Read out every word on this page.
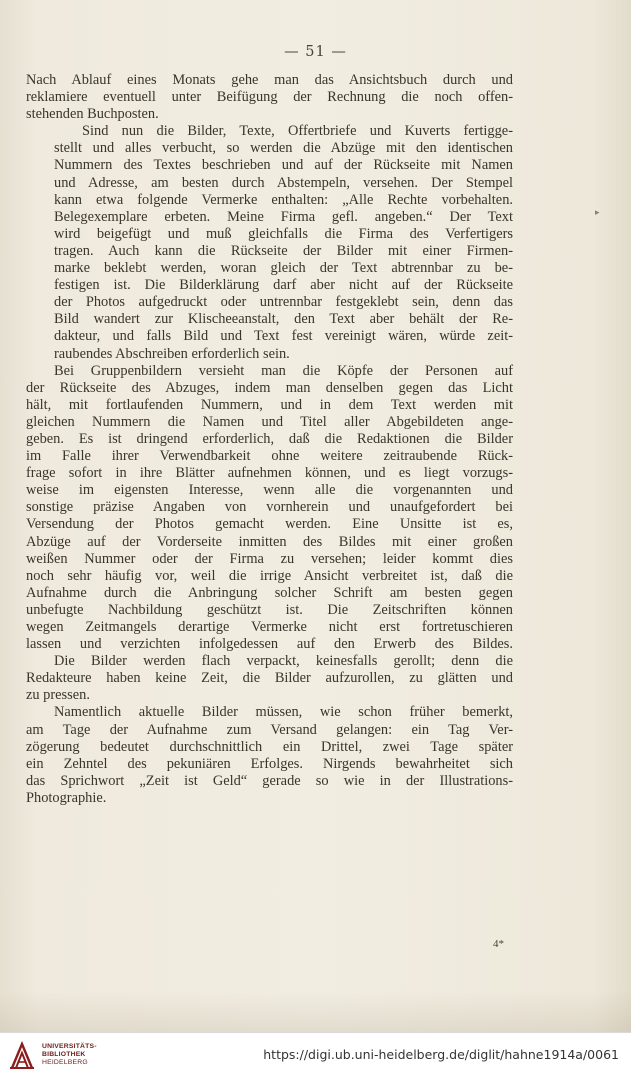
— 51 —
▸

Nach Ablauf eines Monats gehe man das Ansichtsbuch durch und
reklamiere eventuell unter Beifügung der Rechnung die noch offen-
stehenden Buchposten.

Sind nun die Bilder, Texte, Offertbriefe und Kuverts fertigge-
stellt und alles verbucht, so werden die Abzüge mit den identischen
Nummern des Textes beschrieben und auf der Rückseite mit Namen
und Adresse, am besten durch Abstempeln, versehen. Der Stempel
kann etwa folgende Vermerke enthalten: „Alle Rechte vorbehalten.
Belegexemplare erbeten. Meine Firma gefl. angeben.“ Der Text
wird beigefügt und muß gleichfalls die Firma des Verfertigers
tragen. Auch kann die Rückseite der Bilder mit einer Firmen-
marke beklebt werden, woran gleich der Text abtrennbar zu be-
festigen ist. Die Bilderklärung darf aber nicht auf der Rückseite
der Photos aufgedruckt oder untrennbar festgeklebt sein, denn das
Bild wandert zur Klischeeanstalt, den Text aber behält der Re-
dakteur, und falls Bild und Text fest vereinigt wären, würde zeit-
raubendes Abschreiben erforderlich sein.

Bei Gruppenbildern versieht man die Köpfe der Personen auf
der Rückseite des Abzuges, indem man denselben gegen das Licht
hält, mit fortlaufenden Nummern, und in dem Text werden mit
gleichen Nummern die Namen und Titel aller Abgebildeten ange-
geben. Es ist dringend erforderlich, daß die Redaktionen die Bilder
im Falle ihrer Verwendbarkeit ohne weitere zeitraubende Rück-
frage sofort in ihre Blätter aufnehmen können, und es liegt vorzugs-
weise im eigensten Interesse, wenn alle die vorgenannten und
sonstige präzise Angaben von vornherein und unaufgefordert bei
Versendung der Photos gemacht werden. Eine Unsitte ist es,
Abzüge auf der Vorderseite inmitten des Bildes mit einer großen
weißen Nummer oder der Firma zu versehen; leider kommt dies
noch sehr häufig vor, weil die irrige Ansicht verbreitet ist, daß die
Aufnahme durch die Anbringung solcher Schrift am besten gegen
unbefugte Nachbildung geschützt ist. Die Zeitschriften können
wegen Zeitmangels derartige Vermerke nicht erst fortretuschieren
lassen und verzichten infolgedessen auf den Erwerb des Bildes.

Die Bilder werden flach verpackt, keinesfalls gerollt; denn die
Redakteure haben keine Zeit, die Bilder aufzurollen, zu glätten und
zu pressen.

Namentlich aktuelle Bilder müssen, wie schon früher bemerkt,
am Tage der Aufnahme zum Versand gelangen: ein Tag Ver-
zögerung bedeutet durchschnittlich ein Drittel, zwei Tage später
ein Zehntel des pekuniären Erfolges. Nirgends bewahrheitet sich
das Sprichwort „Zeit ist Geld“ gerade so wie in der Illustrations-
Photographie.

4*
UNIVERSITÄTS-
BIBLIOTHEK
HEIDELBERG
https://digi.ub.uni-heidelberg.de/diglit/hahne1914a/0061
